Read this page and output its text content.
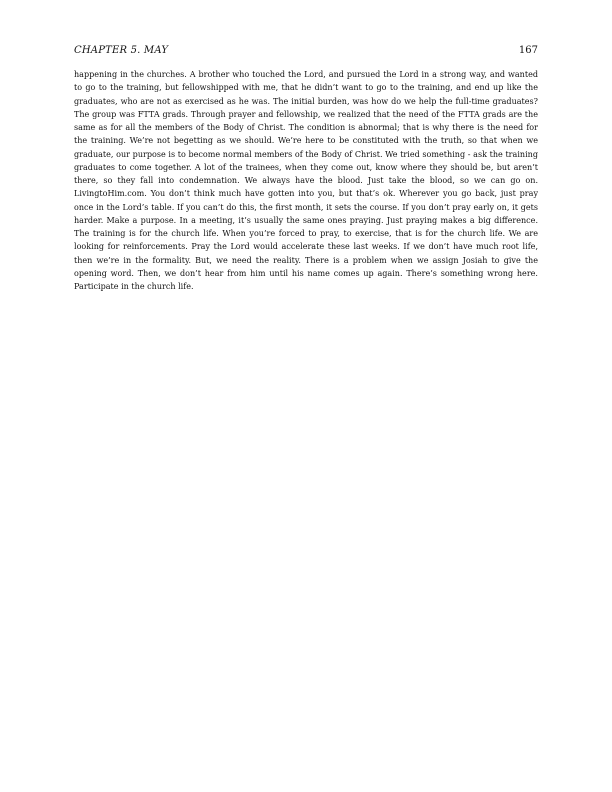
CHAPTER 5. MAY	167

happening in the churches. A brother who touched the Lord, and pursued the Lord in a strong way, and wanted to go to the training, but fellowshipped with me, that he didn’t want to go to the training, and end up like the graduates, who are not as exercised as he was. The initial burden, was how do we help the full-time graduates? The group was FTTA grads. Through prayer and fellowship, we realized that the need of the FTTA grads are the same as for all the members of the Body of Christ. The condition is abnormal; that is why there is the need for the training. We’re not begetting as we should. We’re here to be constituted with the truth, so that when we graduate, our purpose is to become normal members of the Body of Christ. We tried something - ask the training graduates to come together. A lot of the trainees, when they come out, know where they should be, but aren’t there, so they fall into condemnation. We always have the blood. Just take the blood, so we can go on. LivingtoHim.com. You don’t think much have gotten into you, but that’s ok. Wherever you go back, just pray once in the Lord’s table. If you can’t do this, the first month, it sets the course. If you don’t pray early on, it gets harder. Make a purpose. In a meeting, it’s usually the same ones praying. Just praying makes a big difference. The training is for the church life. When you’re forced to pray, to exercise, that is for the church life. We are looking for reinforcements. Pray the Lord would accelerate these last weeks. If we don’t have much root life, then we’re in the formality. But, we need the reality. There is a problem when we assign Josiah to give the opening word. Then, we don’t hear from him until his name comes up again. There’s something wrong here. Participate in the church life.
